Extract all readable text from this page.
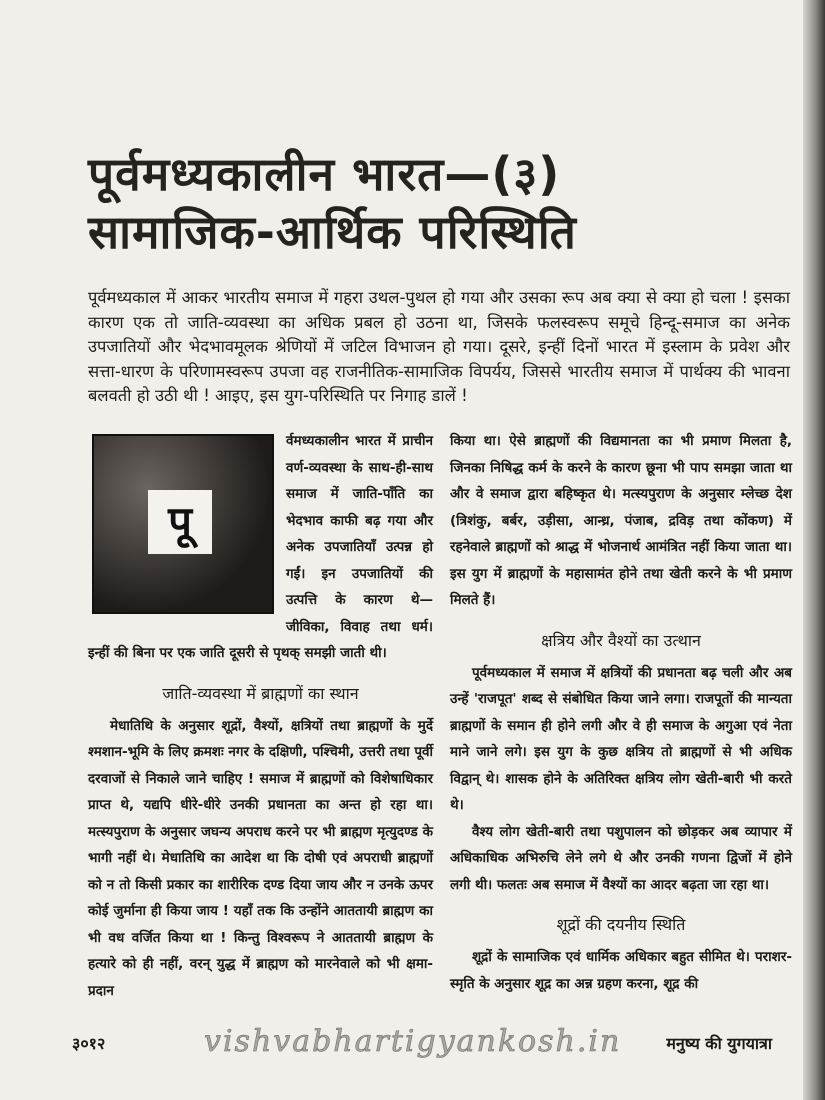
पूर्वमध्यकालीन भारत—(३)
सामाजिक-आर्थिक परिस्थिति

पूर्वमध्यकाल में आकर भारतीय समाज में गहरा उथल-पुथल हो गया और उसका रूप अब क्या से क्या हो चला ! इसका कारण एक तो जाति-व्यवस्था का अधिक प्रबल हो उठना था, जिसके फलस्वरूप समूचे हिन्दू-समाज का अनेक उपजातियों और भेदभावमूलक श्रेणियों में जटिल विभाजन हो गया। दूसरे, इन्हीं दिनों भारत में इस्लाम के प्रवेश और सत्ता-धारण के परिणामस्वरूप उपजा वह राजनीतिक-सामाजिक विपर्यय, जिससे भारतीय समाज में पार्थक्य की भावना बलवती हो उठी थी ! आइए, इस युग-परिस्थिति पर निगाह डालें !

पू

र्वमध्यकालीन भारत में प्राचीन वर्ण-व्यवस्था के साथ-ही-साथ समाज में जाति-पाँति का भेदभाव काफी बढ़ गया और अनेक उपजातियाँ उत्पन्न हो गईं। इन उपजातियों की उत्पत्ति के कारण थे—जीविका, विवाह तथा धर्म। इन्हीं की बिना पर एक जाति दूसरी से पृथक् समझी जाती थी।

जाति-व्यवस्था में ब्राह्मणों का स्थान

मेधातिथि के अनुसार शूद्रों, वैश्यों, क्षत्रियों तथा ब्राह्मणों के मुर्दे श्मशान-भूमि के लिए क्रमशः नगर के दक्षिणी, पश्चिमी, उत्तरी तथा पूर्वी दरवाजों से निकाले जाने चाहिए ! समाज में ब्राह्मणों को विशेषाधिकार प्राप्त थे, यद्यपि धीरे-धीरे उनकी प्रधानता का अन्त हो रहा था। मत्स्यपुराण के अनुसार जघन्य अपराध करने पर भी ब्राह्मण मृत्युदण्ड के भागी नहीं थे। मेधातिथि का आदेश था कि दोषी एवं अपराधी ब्राह्मणों को न तो किसी प्रकार का शारीरिक दण्ड दिया जाय और न उनके ऊपर कोई जुर्माना ही किया जाय ! यहाँ तक कि उन्होंने आततायी ब्राह्मण का भी वध वर्जित किया था ! किन्तु विश्वरूप ने आततायी ब्राह्मण के हत्यारे को ही नहीं, वरन् युद्ध में ब्राह्मण को मारनेवाले को भी क्षमा-प्रदान

किया था। ऐसे ब्राह्मणों की विद्यमानता का भी प्रमाण मिलता है, जिनका निषिद्ध कर्म के करने के कारण छूना भी पाप समझा जाता था और वे समाज द्वारा बहिष्कृत थे। मत्स्यपुराण के अनुसार म्लेच्छ देश (त्रिशंकु, बर्बर, उड़ीसा, आन्ध्र, पंजाब, द्रविड़ तथा कोंकण) में रहनेवाले ब्राह्मणों को श्राद्ध में भोजनार्थ आमंत्रित नहीं किया जाता था। इस युग में ब्राह्मणों के महासामंत होने तथा खेती करने के भी प्रमाण मिलते हैं।

क्षत्रिय और वैश्यों का उत्थान

पूर्वमध्यकाल में समाज में क्षत्रियों की प्रधानता बढ़ चली और अब उन्हें 'राजपूत' शब्द से संबोधित किया जाने लगा। राजपूतों की मान्यता ब्राह्मणों के समान ही होने लगी और वे ही समाज के अगुआ एवं नेता माने जाने लगे। इस युग के कुछ क्षत्रिय तो ब्राह्मणों से भी अधिक विद्वान् थे। शासक होने के अतिरिक्त क्षत्रिय लोग खेती-बारी भी करते थे।

वैश्य लोग खेती-बारी तथा पशुपालन को छोड़कर अब व्यापार में अधिकाधिक अभिरुचि लेने लगे थे और उनकी गणना द्विजों में होने लगी थी। फलतः अब समाज में वैश्यों का आदर बढ़ता जा रहा था।

शूद्रों की दयनीय स्थिति

शूद्रों के सामाजिक एवं धार्मिक अधिकार बहुत सीमित थे। पराशर-स्मृति के अनुसार शूद्र का अन्न ग्रहण करना, शूद्र की

३०१२	vishvabhartigyankosh.in	मनुष्य की युगयात्रा
